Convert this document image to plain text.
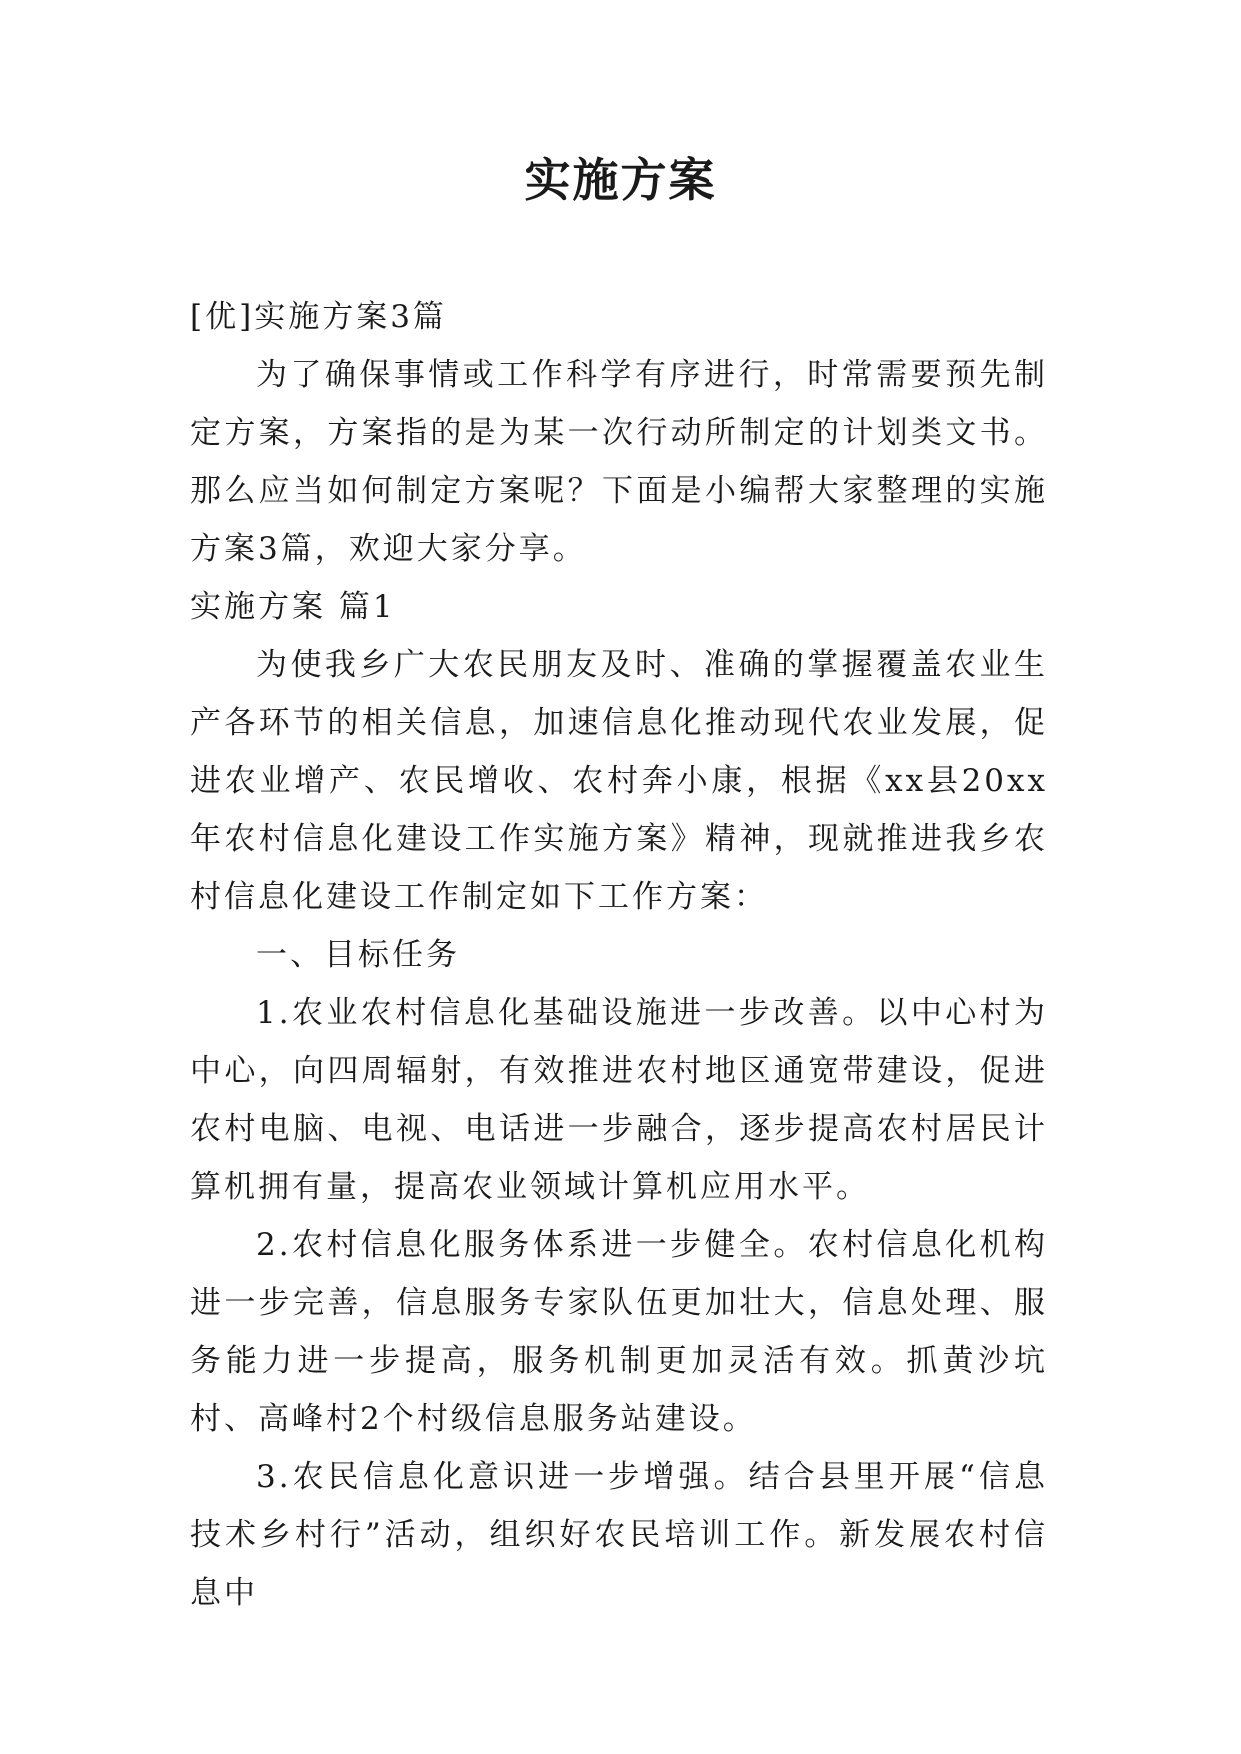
实施方案

[优]实施方案3篇

为了确保事情或工作科学有序进行，时常需要预先制定方案，方案指的是为某一次行动所制定的计划类文书。那么应当如何制定方案呢？下面是小编帮大家整理的实施方案3篇，欢迎大家分享。

实施方案 篇1

为使我乡广大农民朋友及时、准确的掌握覆盖农业生产各环节的相关信息，加速信息化推动现代农业发展，促进农业增产、农民增收、农村奔小康，根据《xx县20xx年农村信息化建设工作实施方案》精神，现就推进我乡农村信息化建设工作制定如下工作方案：

一、目标任务

1.农业农村信息化基础设施进一步改善。以中心村为中心，向四周辐射，有效推进农村地区通宽带建设，促进农村电脑、电视、电话进一步融合，逐步提高农村居民计算机拥有量，提高农业领域计算机应用水平。

2.农村信息化服务体系进一步健全。农村信息化机构进一步完善，信息服务专家队伍更加壮大，信息处理、服务能力进一步提高，服务机制更加灵活有效。抓黄沙坑村、高峰村2个村级信息服务站建设。

3.农民信息化意识进一步增强。结合县里开展“信息技术乡村行”活动，组织好农民培训工作。新发展农村信息中
